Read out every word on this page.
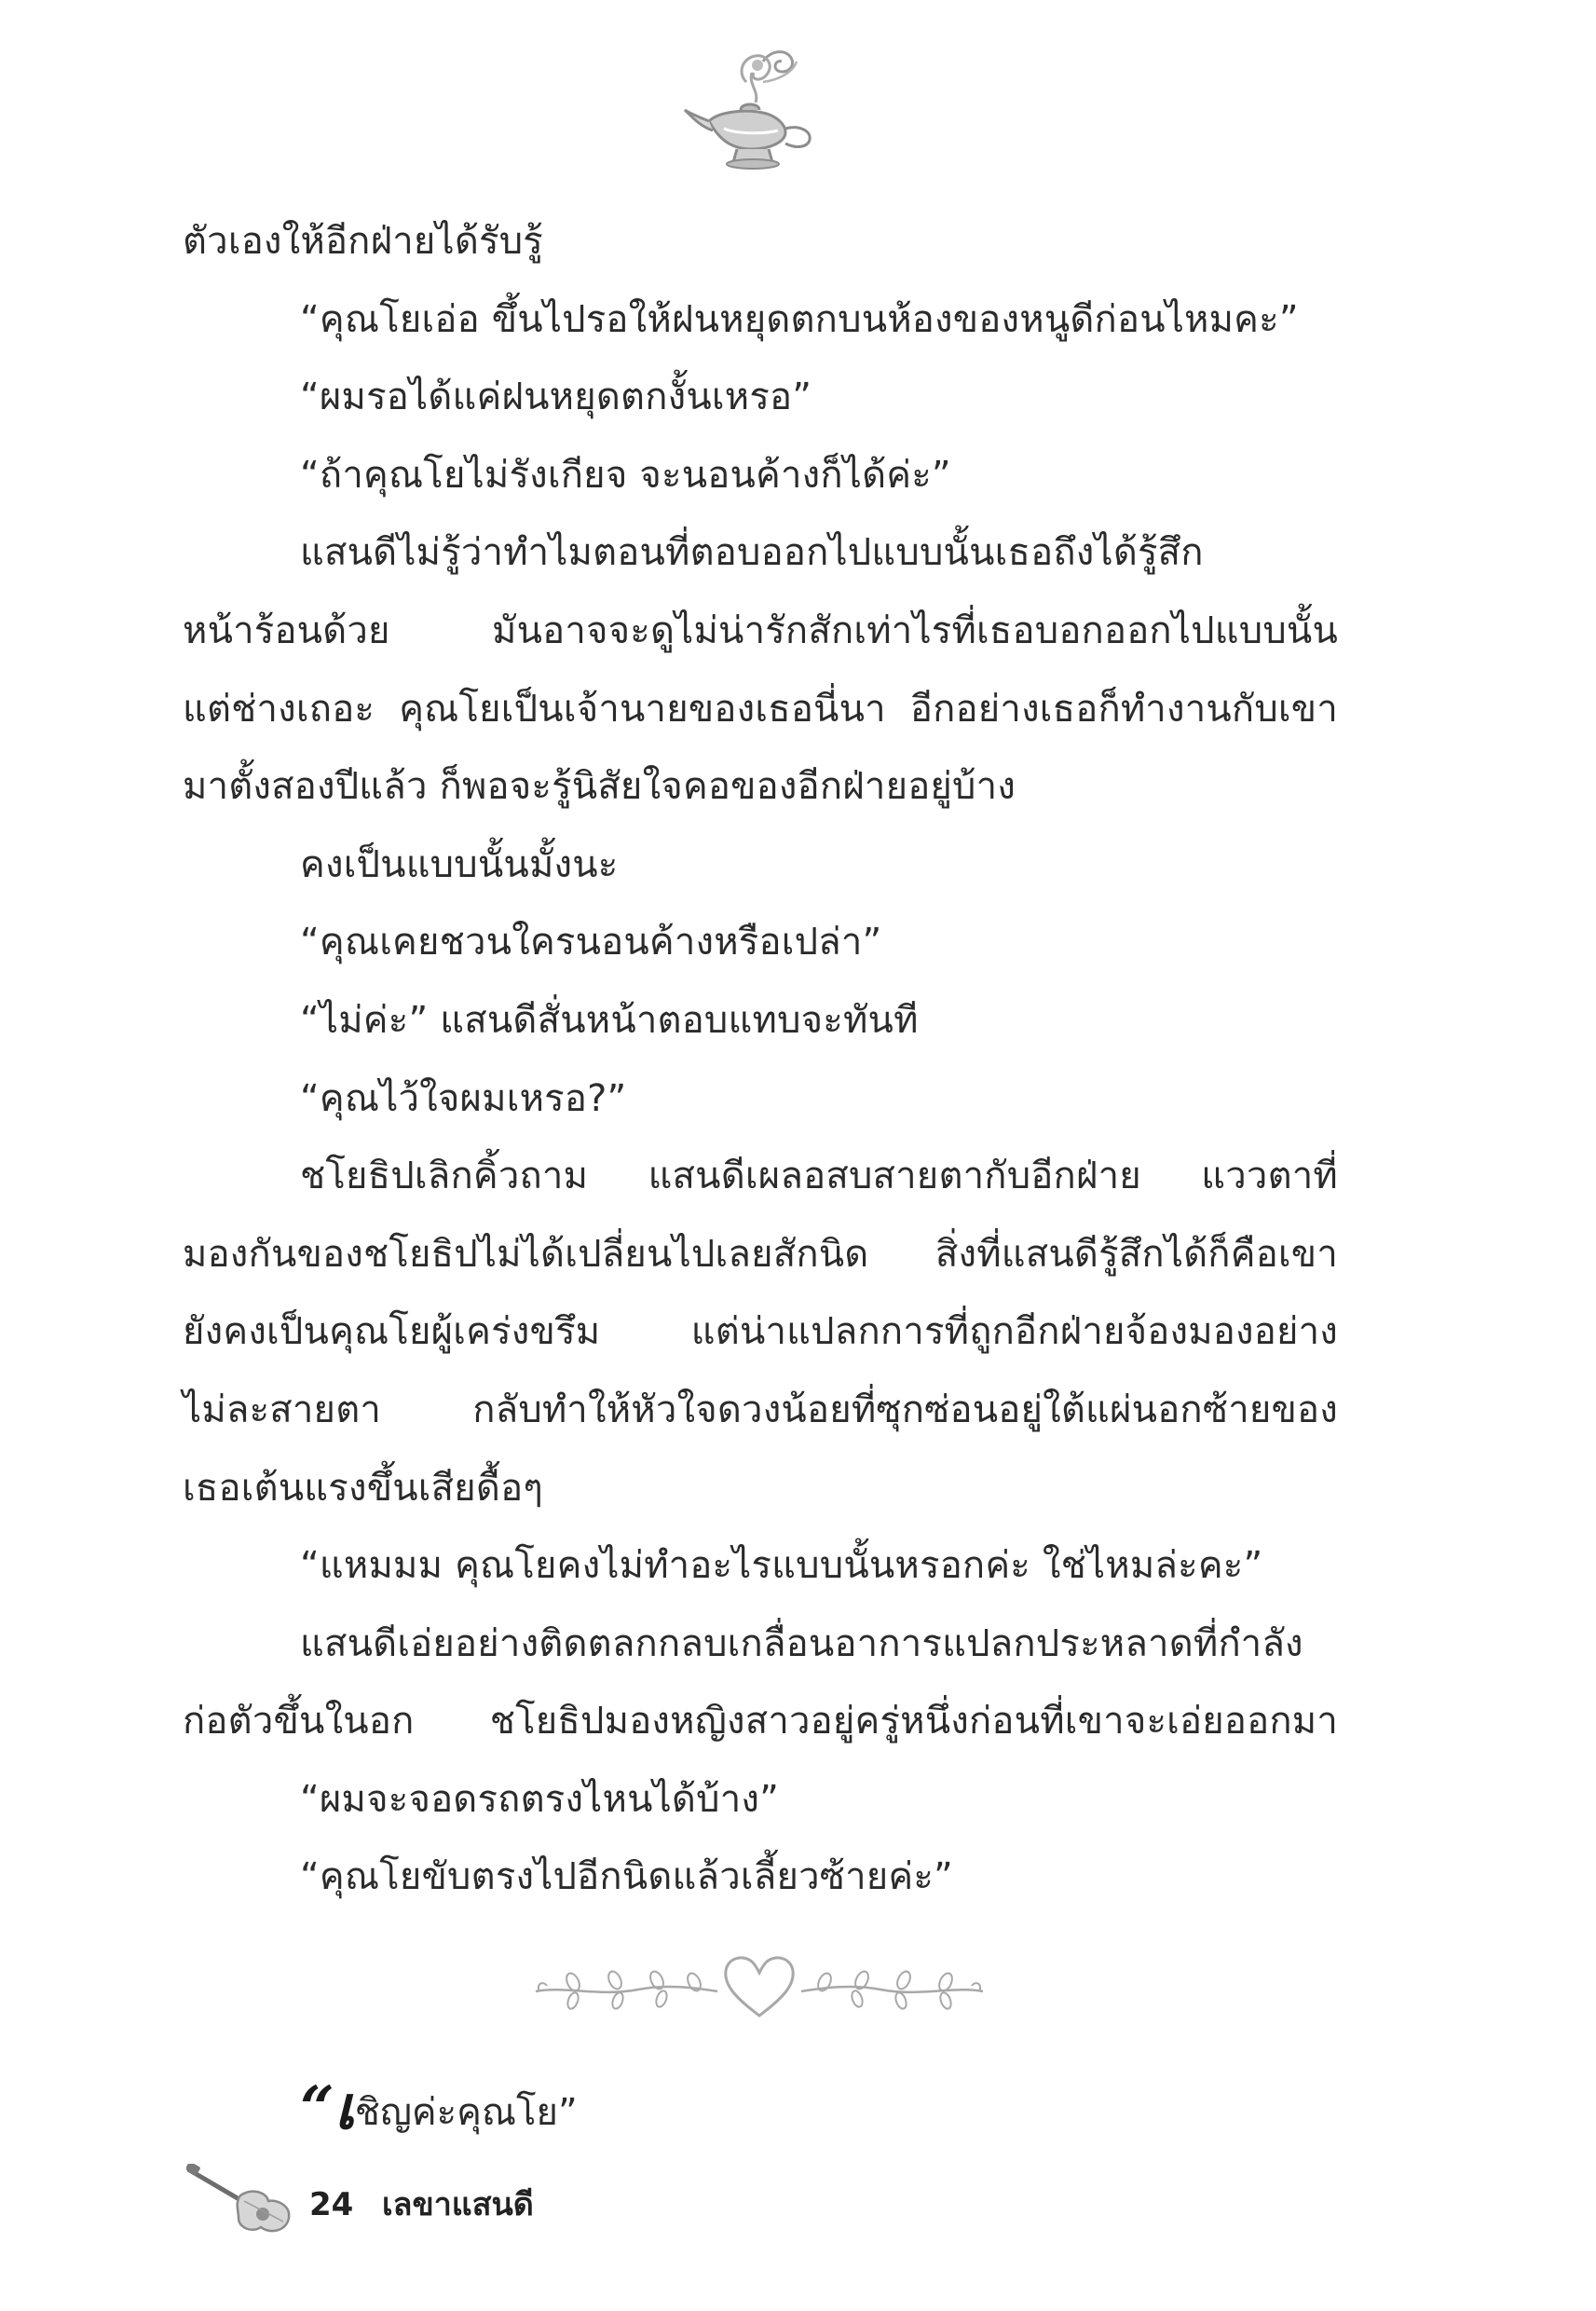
ตัวเองให้อีกฝ่ายได้รับรู้
“คุณโยเอ่อ ขึ้นไปรอให้ฝนหยุดตกบนห้องของหนูดีก่อนไหมคะ”
“ผมรอได้แค่ฝนหยุดตกงั้นเหรอ”
“ถ้าคุณโยไม่รังเกียจ จะนอนค้างก็ได้ค่ะ”
แสนดีไม่รู้ว่าทำไมตอนที่ตอบออกไปแบบนั้นเธอถึงได้รู้สึก
หน้าร้อนด้วย มันอาจจะดูไม่น่ารักสักเท่าไรที่เธอบอกออกไปแบบนั้น
แต่ช่างเถอะ คุณโยเป็นเจ้านายของเธอนี่นา อีกอย่างเธอก็ทำงานกับเขา
มาตั้งสองปีแล้ว ก็พอจะรู้นิสัยใจคอของอีกฝ่ายอยู่บ้าง
คงเป็นแบบนั้นมั้งนะ
“คุณเคยชวนใครนอนค้างหรือเปล่า”
“ไม่ค่ะ” แสนดีสั่นหน้าตอบแทบจะทันที
“คุณไว้ใจผมเหรอ?”
ชโยธิปเลิกคิ้วถาม แสนดีเผลอสบสายตากับอีกฝ่าย แววตาที่
มองกันของชโยธิปไม่ได้เปลี่ยนไปเลยสักนิด สิ่งที่แสนดีรู้สึกได้ก็คือเขา
ยังคงเป็นคุณโยผู้เคร่งขรึม แต่น่าแปลกการที่ถูกอีกฝ่ายจ้องมองอย่าง
ไม่ละสายตา กลับทำให้หัวใจดวงน้อยที่ซุกซ่อนอยู่ใต้แผ่นอกซ้ายของ
เธอเต้นแรงขึ้นเสียดื้อๆ
“แหมมม คุณโยคงไม่ทำอะไรแบบนั้นหรอกค่ะ ใช่ไหมล่ะคะ”
แสนดีเอ่ยอย่างติดตลกกลบเกลื่อนอาการแปลกประหลาดที่กำลัง
ก่อตัวขึ้นในอก ชโยธิปมองหญิงสาวอยู่ครู่หนึ่งก่อนที่เขาจะเอ่ยออกมา
“ผมจะจอดรถตรงไหนได้บ้าง”
“คุณโยขับตรงไปอีกนิดแล้วเลี้ยวซ้ายค่ะ”
“เชิญค่ะคุณโย”
24 เลขาแสนดี
